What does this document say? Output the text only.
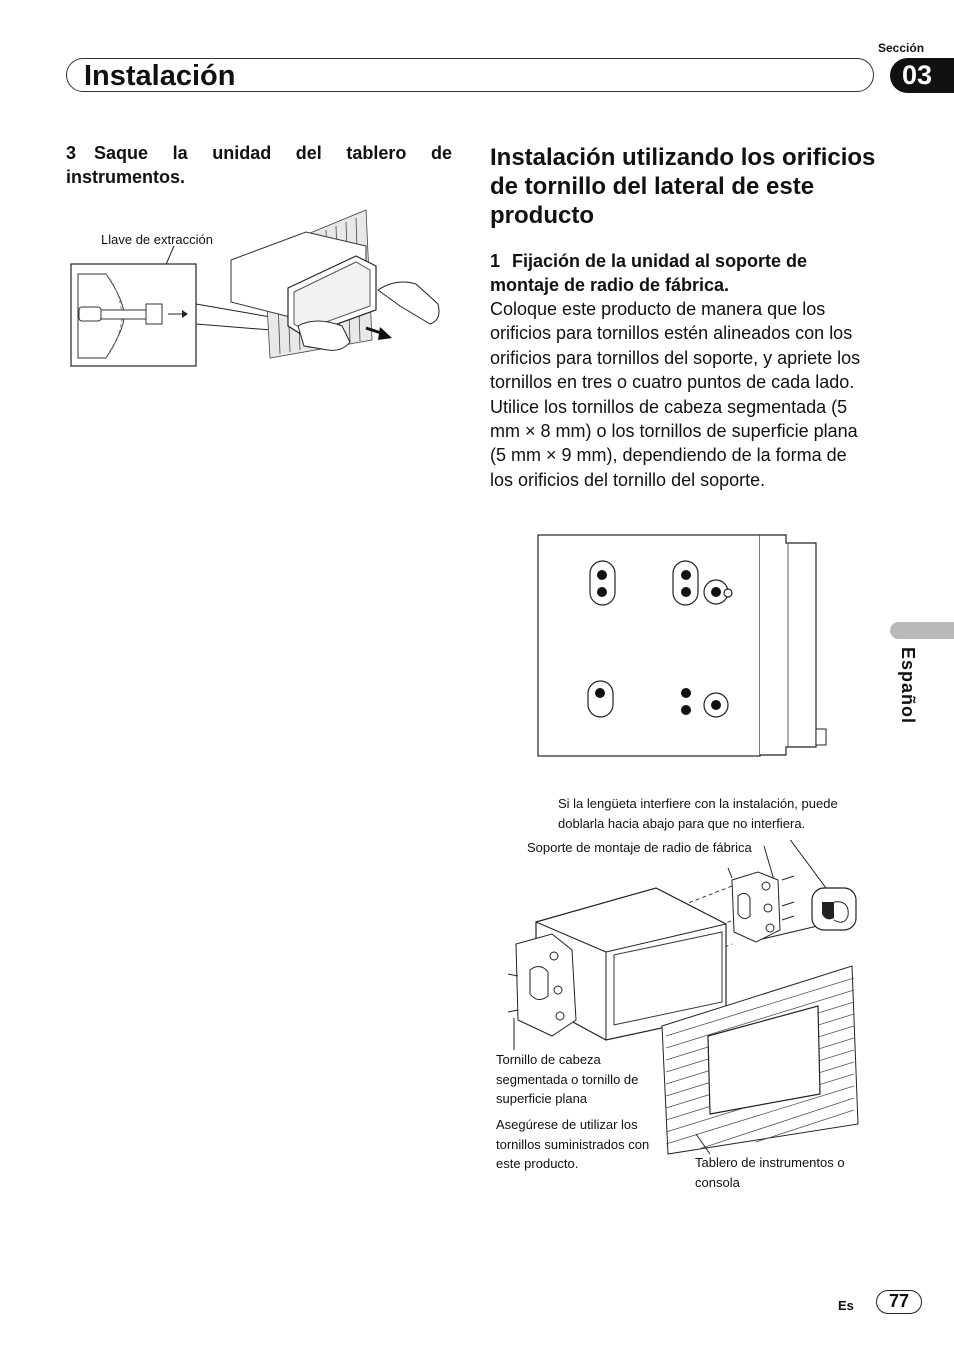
Instalación
Sección
03
Español
3 Saque la unidad del tablero de instrumentos.
Llave de extracción
Instalación utilizando los orificios de tornillo del lateral de este producto
1 Fijación de la unidad al soporte de montaje de radio de fábrica.
Coloque este producto de manera que los orificios para tornillos estén alineados con los orificios para tornillos del soporte, y apriete los tornillos en tres o cuatro puntos de cada lado. Utilice los tornillos de cabeza segmentada (5 mm × 8 mm) o los tornillos de superficie plana (5 mm × 9 mm), dependiendo de la forma de los orificios del tornillo del soporte.
Si la lengüeta interfiere con la instalación, puede doblarla hacia abajo para que no interfiera.
Soporte de montaje de radio de fábrica
Tornillo de cabeza segmentada o tornillo de superficie plana
Asegúrese de utilizar los tornillos suministrados con este producto.	Tablero de instrumentos o consola
Es	77
